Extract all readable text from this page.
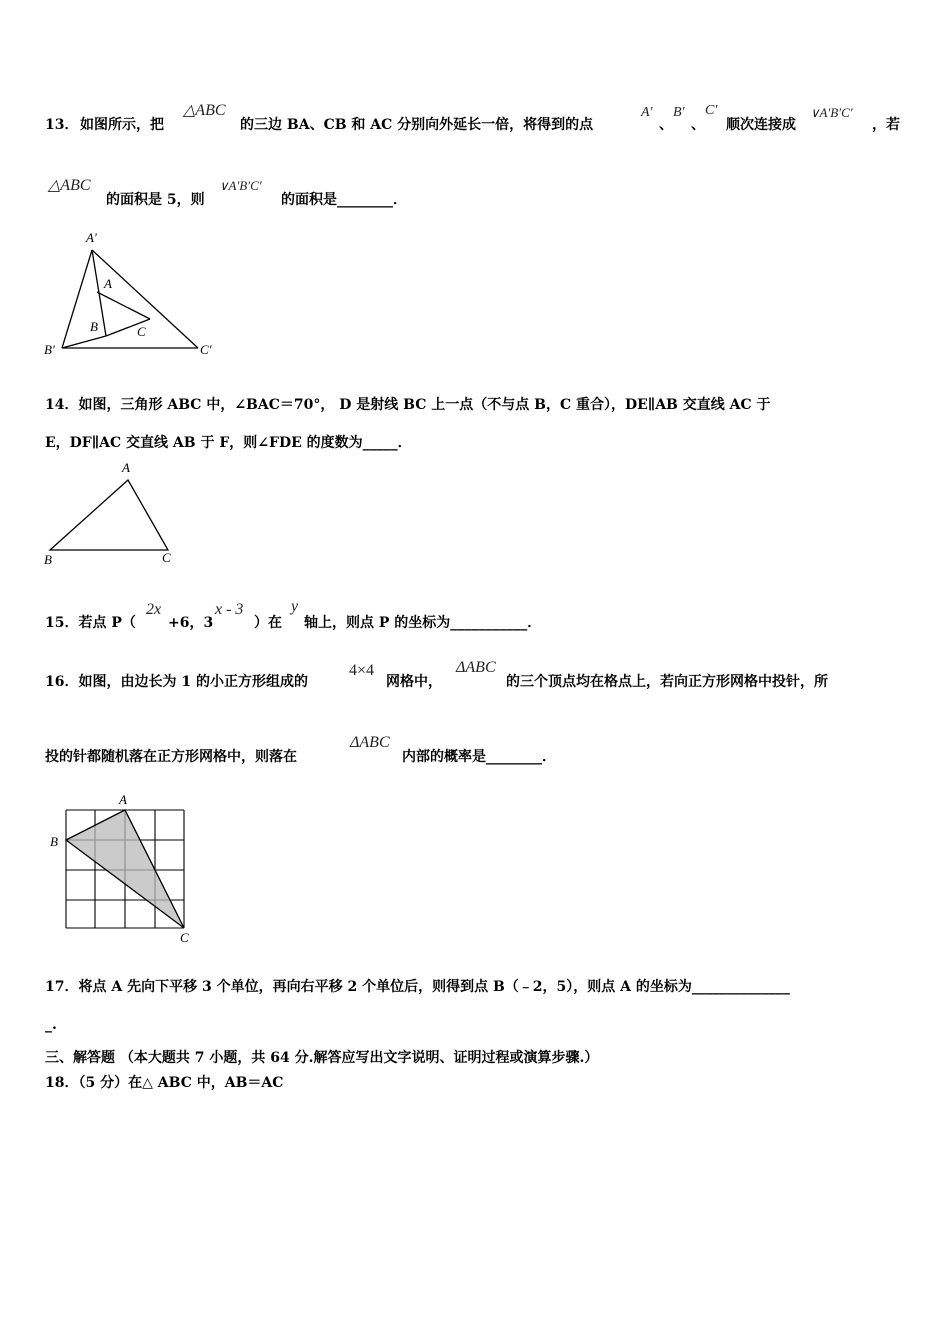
13． 如图所示，把
△ABC
的三边 BA、CB 和 AC 分别向外延长一倍，将得到的点
A′
、
B′
、
C′
顺次连接成
∨A′B′C′
，若
△ABC
的面积是 5，则
∨A′B′C′
的面积是________．
A′
A
B	C
B′	C′
14．如图，三角形 ABC 中，∠BAC＝70°， D 是射线 BC 上一点（不与点 B，C 重合），DE∥AB 交直线 AC 于
E，DF∥AC 交直线 AB 于 F，则∠FDE 的度数为_____．
A
B	C
15．若点 P（
2x
+6，3
x - 3
）在
y
轴上，则点 P 的坐标为___________．
16．如图，由边长为 1 的小正方形组成的
4×4
网格中，
ΔABC
的三个顶点均在格点上，若向正方形网格中投针，所
投的针都随机落在正方形网格中，则落在
ΔABC
内部的概率是________．
A
B
C
17．将点 A 先向下平移 3 个单位，再向右平移 2 个单位后，则得到点 B（﹣2，5），则点 A 的坐标为______________
_.
三、解答题 （本大题共 7 小题，共 64 分.解答应写出文字说明、证明过程或演算步骤.）
18．（5 分）在△ ABC 中，AB＝AC
